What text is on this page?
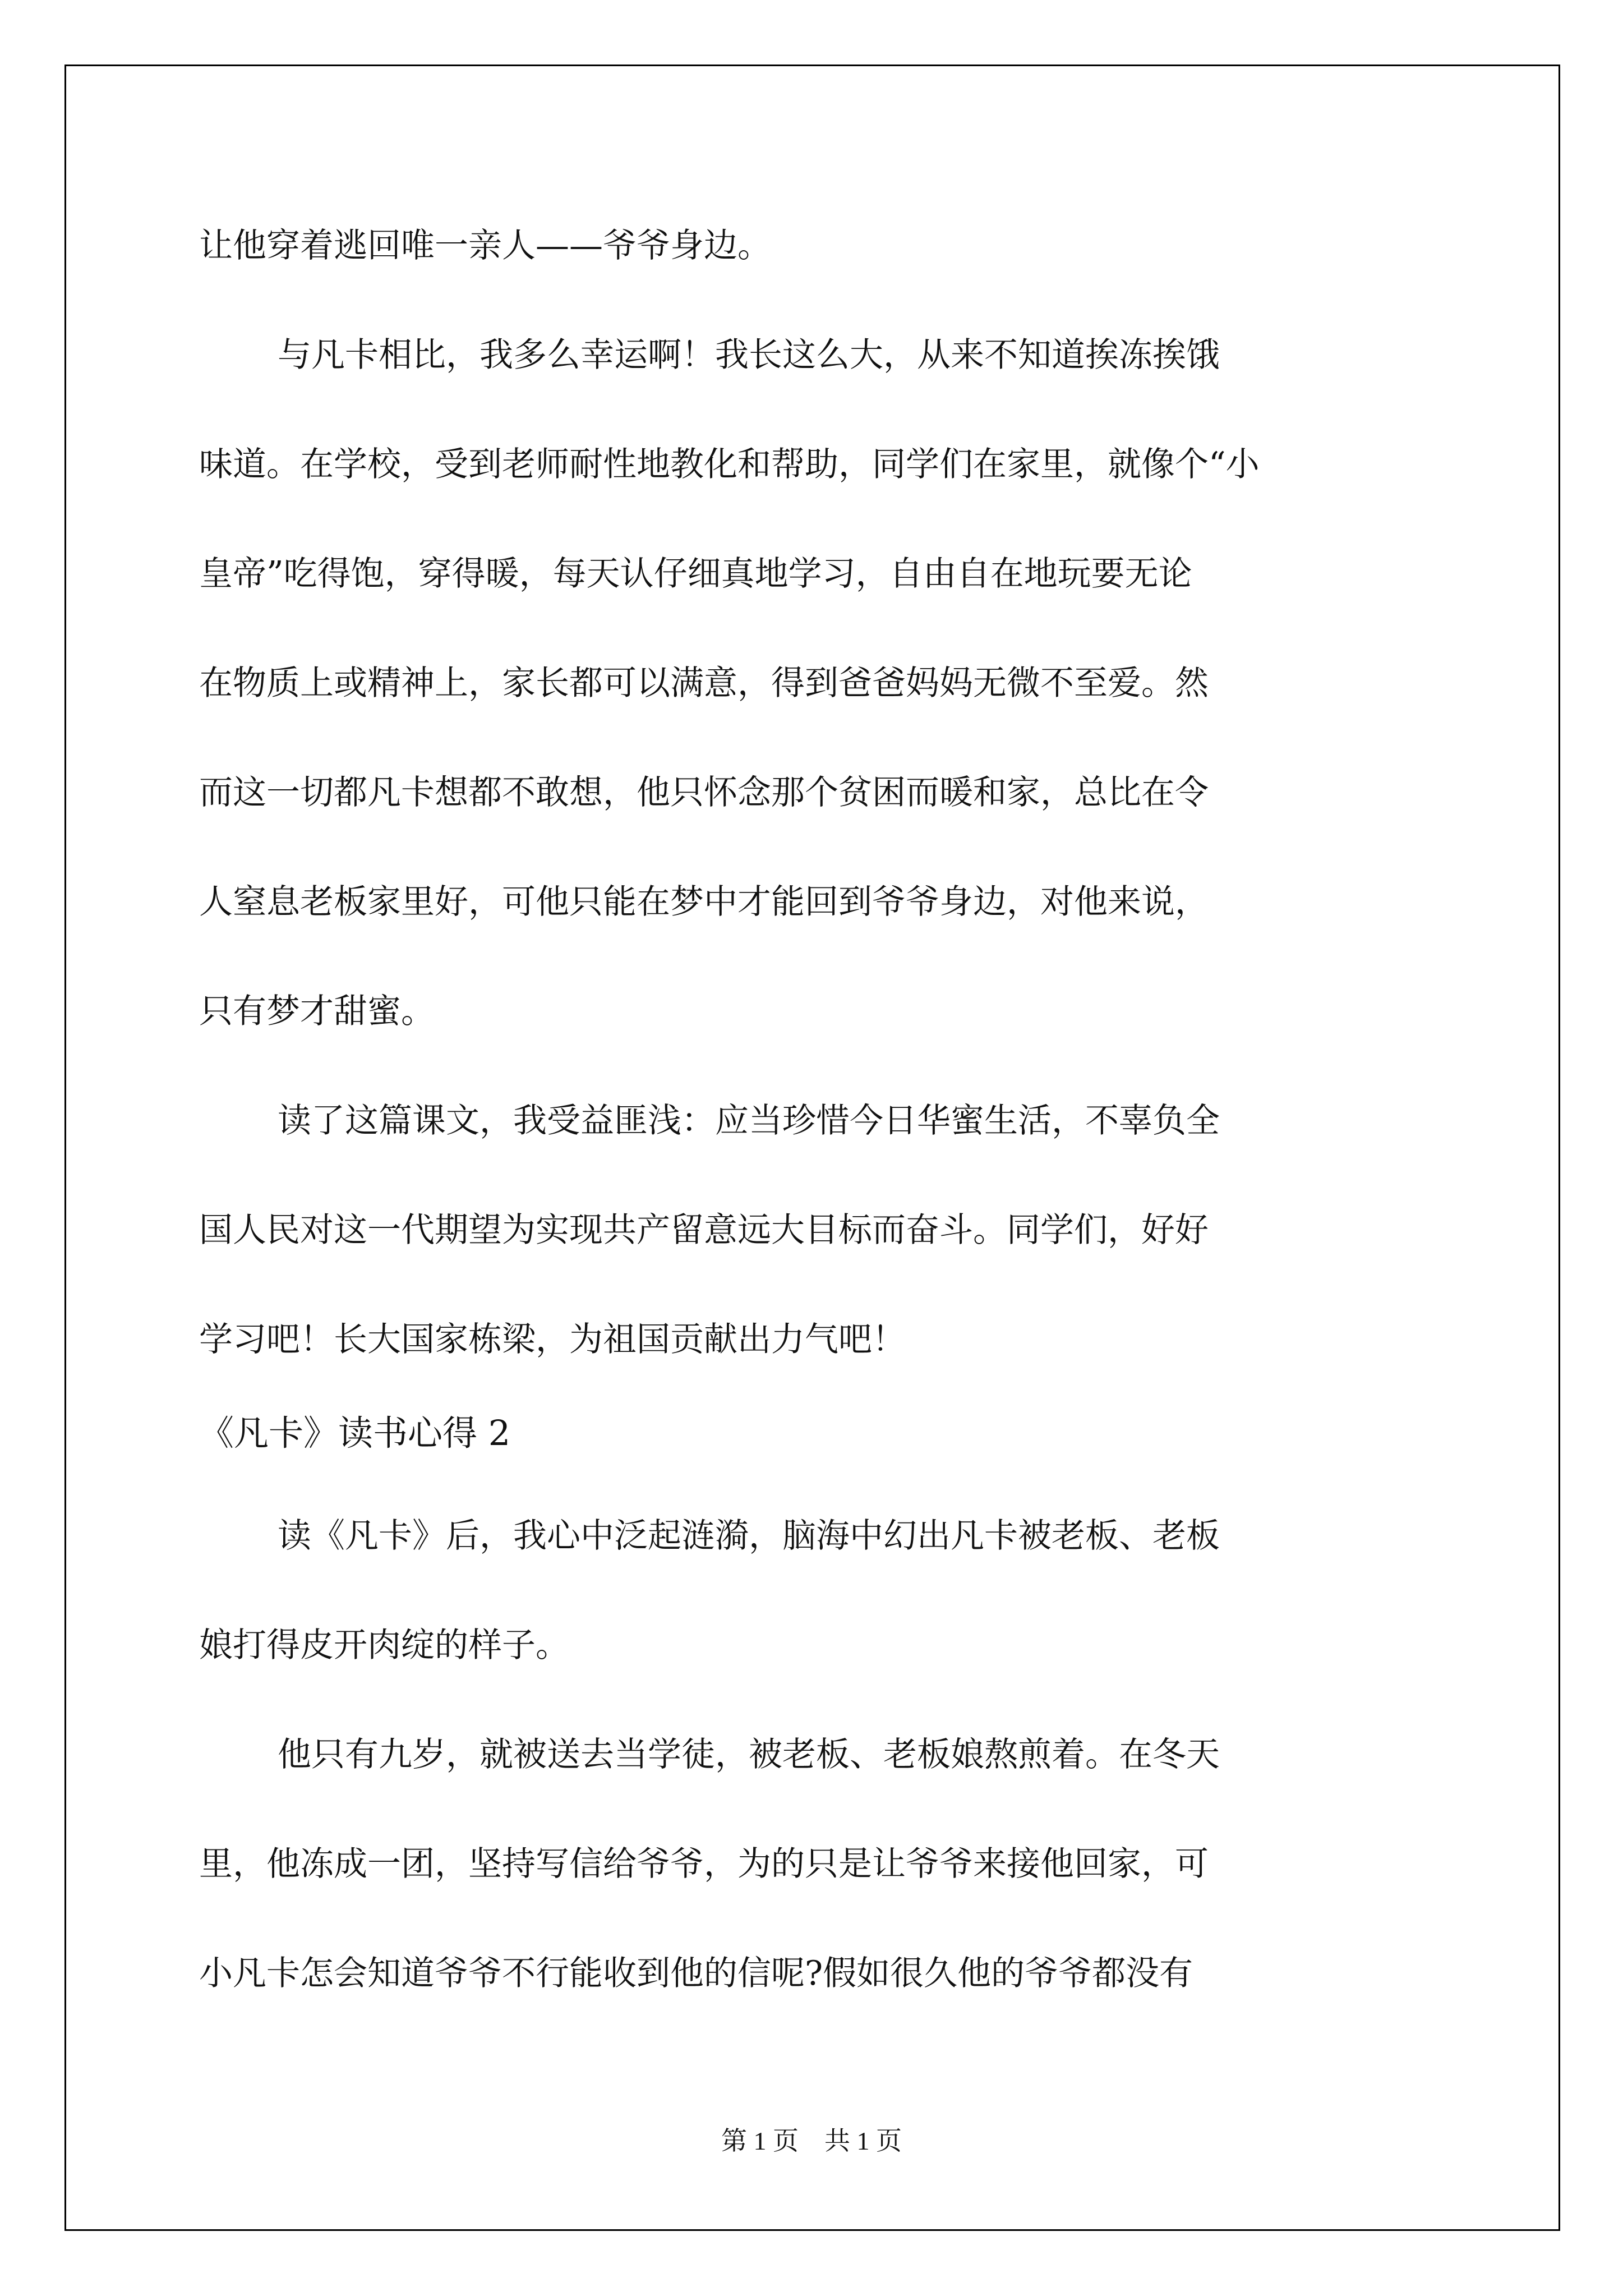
让他穿着逃回唯一亲人——爷爷身边。
与凡卡相比，我多么幸运啊！我长这么大，从来不知道挨冻挨饿
味道。在学校，受到老师耐性地教化和帮助，同学们在家里，就像个“小
皇帝”吃得饱，穿得暖，每天认仔细真地学习，自由自在地玩要无论
在物质上或精神上，家长都可以满意，得到爸爸妈妈无微不至爱。然
而这一切都凡卡想都不敢想，他只怀念那个贫困而暖和家，总比在令
人窒息老板家里好，可他只能在梦中才能回到爷爷身边，对他来说，
只有梦才甜蜜。
读了这篇课文，我受益匪浅：应当珍惜今日华蜜生活，不辜负全
国人民对这一代期望为实现共产留意远大目标而奋斗。同学们，好好
学习吧！长大国家栋梁，为祖国贡献出力气吧！
《凡卡》读书心得 2
读《凡卡》后，我心中泛起涟漪，脑海中幻出凡卡被老板、老板
娘打得皮开肉绽的样子。
他只有九岁，就被送去当学徒，被老板、老板娘熬煎着。在冬天
里，他冻成一团，坚持写信给爷爷，为的只是让爷爷来接他回家，可
小凡卡怎会知道爷爷不行能收到他的信呢?假如很久他的爷爷都没有
第 1 页　共 1 页
